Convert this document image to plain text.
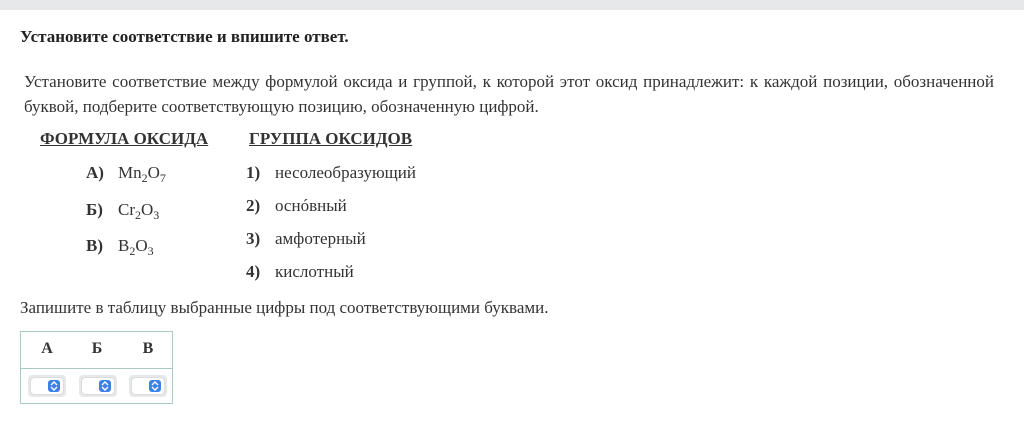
Установите соответствие и впишите ответ.
Установите соответствие между формулой оксида и группой, к которой этот оксид принадлежит: к каждой позиции, обозначенной буквой, подберите соответствующую позицию, обозначенную цифрой.
ФОРМУЛА ОКСИДА ГРУППА ОКСИДОВ
А) $Mn_2O_7$
Б) $Cr_2O_3$
В) $B_2O_3$
1) несолеобразующий
2) оснóвный
3) амфотерный
4) кислотный
Запишите в таблицу выбранные цифры под соответствующими буквами.
А	Б	В
